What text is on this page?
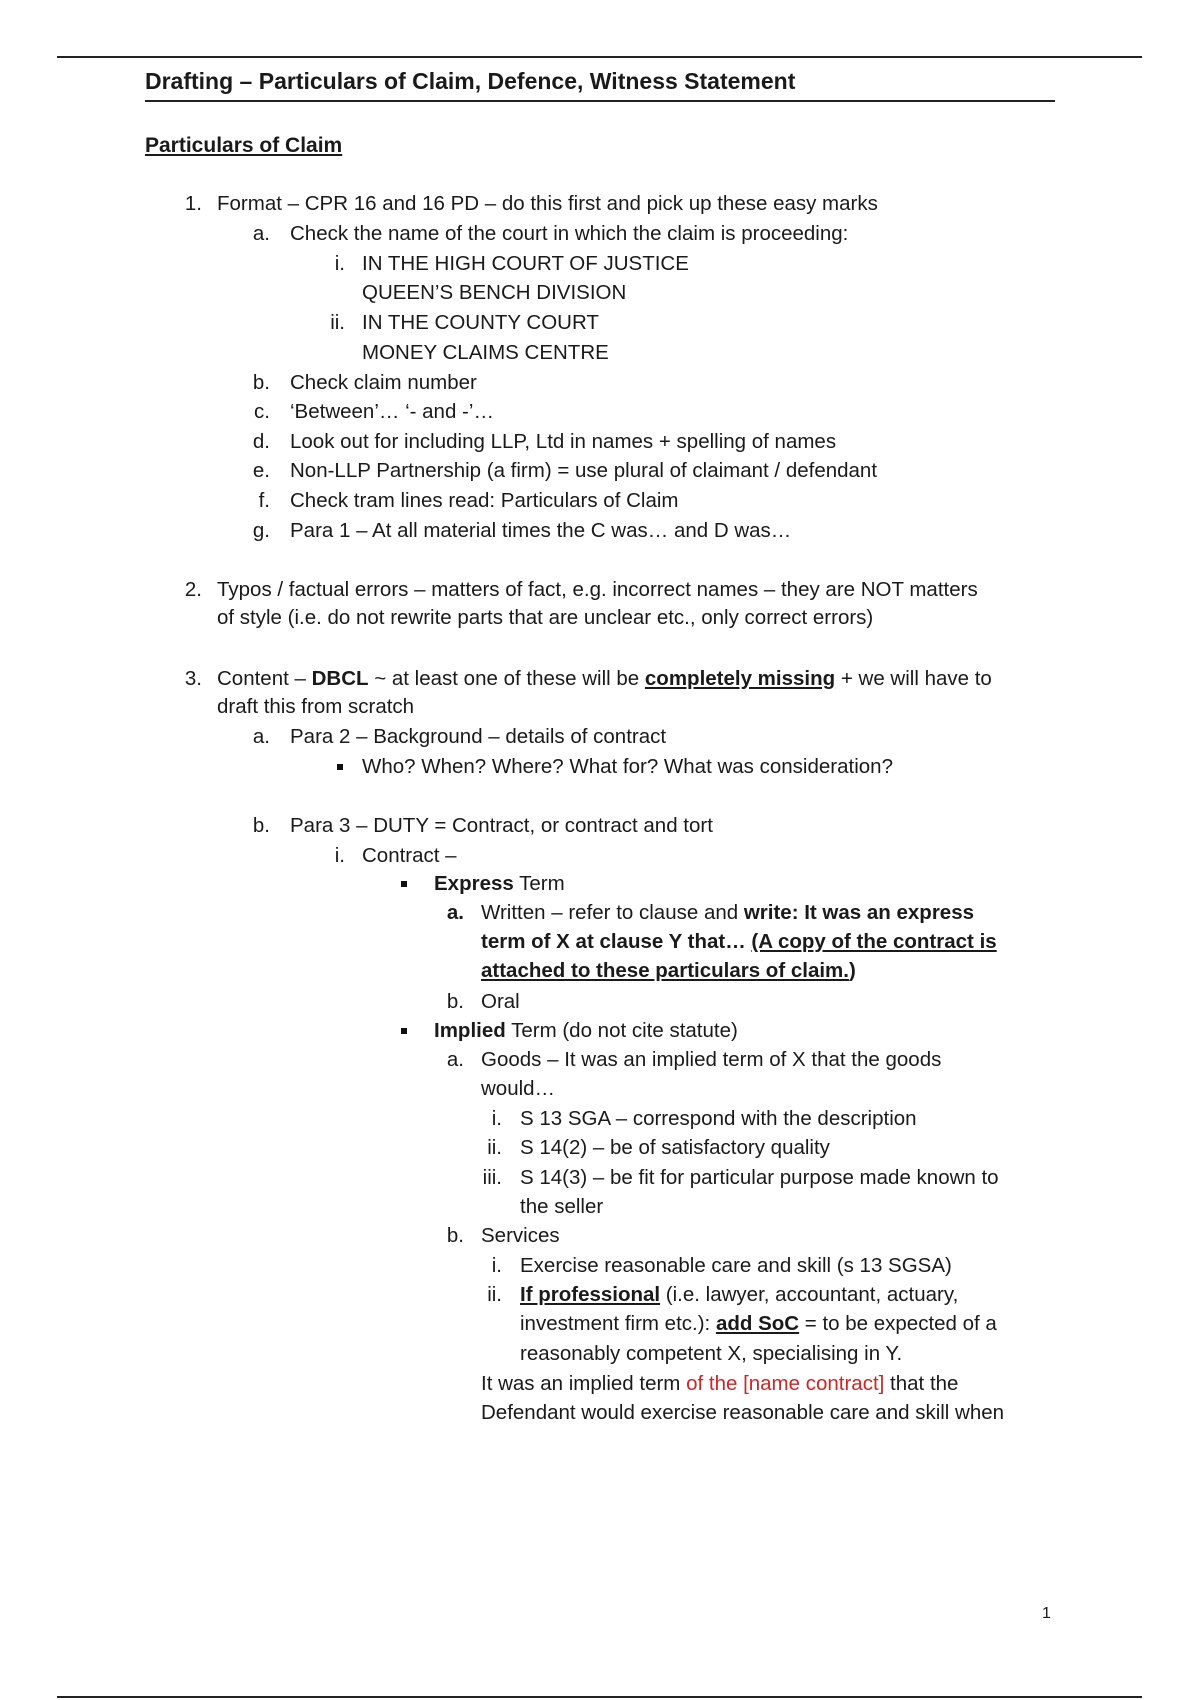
Drafting – Particulars of Claim, Defence, Witness Statement
Particulars of Claim
1. Format – CPR 16 and 16 PD – do this first and pick up these easy marks
a. Check the name of the court in which the claim is proceeding:
i. IN THE HIGH COURT OF JUSTICE
QUEEN’S BENCH DIVISION
ii. IN THE COUNTY COURT
MONEY CLAIMS CENTRE
b. Check claim number
c. ‘Between’… ‘- and -’…
d. Look out for including LLP, Ltd in names + spelling of names
e. Non-LLP Partnership (a firm) = use plural of claimant / defendant
f. Check tram lines read: Particulars of Claim
g. Para 1 – At all material times the C was… and D was…
2. Typos / factual errors – matters of fact, e.g. incorrect names – they are NOT matters
of style (i.e. do not rewrite parts that are unclear etc., only correct errors)
3. Content – DBCL ~ at least one of these will be completely missing + we will have to
draft this from scratch
a. Para 2 – Background – details of contract
Who? When? Where? What for? What was consideration?
b. Para 3 – DUTY = Contract, or contract and tort
i. Contract –
Express Term
a. Written – refer to clause and write: It was an express
term of X at clause Y that… (A copy of the contract is
attached to these particulars of claim.)
b. Oral
Implied Term (do not cite statute)
a. Goods – It was an implied term of X that the goods
would…
i. S 13 SGA – correspond with the description
ii. S 14(2) – be of satisfactory quality
iii. S 14(3) – be fit for particular purpose made known to
the seller
b. Services
i. Exercise reasonable care and skill (s 13 SGSA)
ii. If professional (i.e. lawyer, accountant, actuary,
investment firm etc.): add SoC = to be expected of a
reasonably competent X, specialising in Y.
It was an implied term of the [name contract] that the
Defendant would exercise reasonable care and skill when
1
